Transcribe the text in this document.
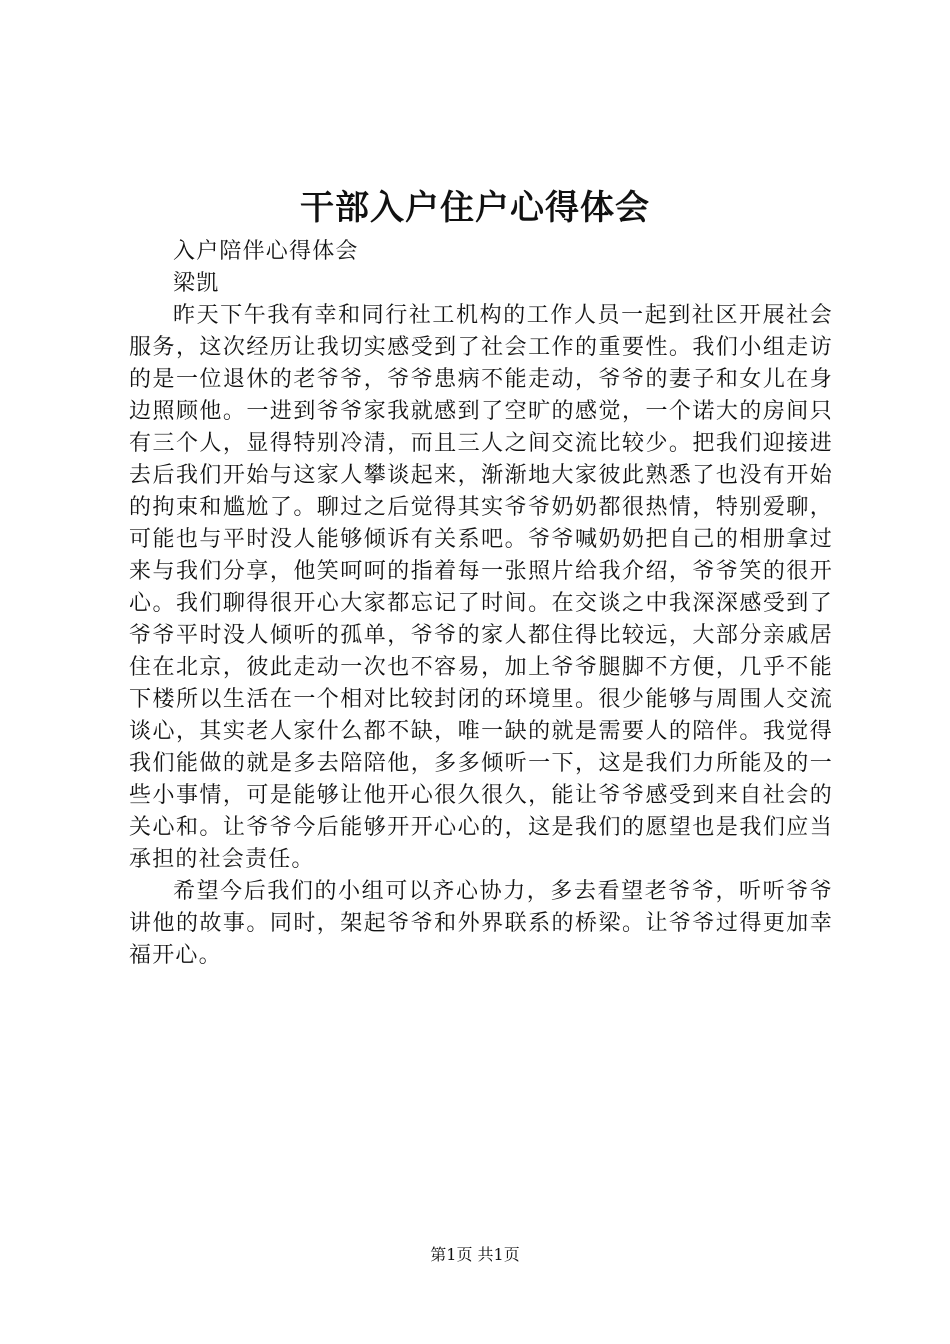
干部入户住户心得体会

入户陪伴心得体会

梁凯

昨天下午我有幸和同行社工机构的工作人员一起到社区开展社会服务，这次经历让我切实感受到了社会工作的重要性。我们小组走访的是一位退休的老爷爷，爷爷患病不能走动，爷爷的妻子和女儿在身边照顾他。一进到爷爷家我就感到了空旷的感觉，一个诺大的房间只有三个人，显得特别冷清，而且三人之间交流比较少。把我们迎接进去后我们开始与这家人攀谈起来，渐渐地大家彼此熟悉了也没有开始的拘束和尴尬了。聊过之后觉得其实爷爷奶奶都很热情，特别爱聊，可能也与平时没人能够倾诉有关系吧。爷爷喊奶奶把自己的相册拿过来与我们分享，他笑呵呵的指着每一张照片给我介绍，爷爷笑的很开心。我们聊得很开心大家都忘记了时间。在交谈之中我深深感受到了爷爷平时没人倾听的孤单，爷爷的家人都住得比较远，大部分亲戚居住在北京，彼此走动一次也不容易，加上爷爷腿脚不方便，几乎不能下楼所以生活在一个相对比较封闭的环境里。很少能够与周围人交流谈心，其实老人家什么都不缺，唯一缺的就是需要人的陪伴。我觉得我们能做的就是多去陪陪他，多多倾听一下，这是我们力所能及的一些小事情，可是能够让他开心很久很久，能让爷爷感受到来自社会的关心和。让爷爷今后能够开开心心的，这是我们的愿望也是我们应当承担的社会责任。

希望今后我们的小组可以齐心协力，多去看望老爷爷，听听爷爷讲他的故事。同时，架起爷爷和外界联系的桥梁。让爷爷过得更加幸福开心。

第1页 共1页
